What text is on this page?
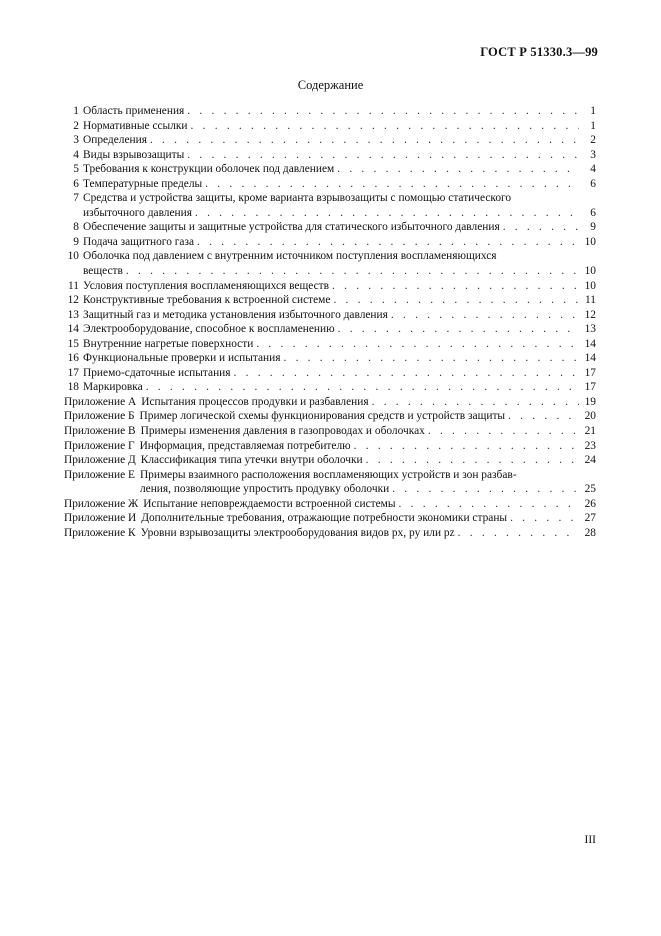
ГОСТ Р 51330.3—99
Содержание
1 Область применения . . .	1
2 Нормативные ссылки . . .	1
3 Определения . . .	2
4 Виды взрывозащиты . . .	3
5 Требования к конструкции оболочек под давлением . . .	4
6 Температурные пределы . . .	6
7 Средства и устройства защиты, кроме варианта взрывозащиты с помощью статического
избыточного давления . . .	6
8 Обеспечение защиты и защитные устройства для статического избыточного давления . . .	9
9 Подача защитного газа . . .	10
10 Оболочка под давлением с внутренним источником поступления воспламеняющихся
веществ . . .	10
11 Условия поступления воспламеняющихся веществ . . .	10
12 Конструктивные требования к встроенной системе . . .	11
13 Защитный газ и методика установления избыточного давления . . .	12
14 Электрооборудование, способное к воспламенению . . .	13
15 Внутренние нагретые поверхности . . .	14
16 Функциональные проверки и испытания . . .	14
17 Приемо-сдаточные испытания . . .	17
18 Маркировка . . .	17
Приложение А Испытания процессов продувки и разбавления . . .	19
Приложение Б Пример логической схемы функционирования средств и устройств защиты . . .	20
Приложение В Примеры изменения давления в газопроводах и оболочках . . .	21
Приложение Г Информация, представляемая потребителю . . .	23
Приложение Д Классификация типа утечки внутри оболочки . . .	24
Приложение Е Примеры взаимного расположения воспламеняющих устройств и зон разбав-
ления, позволяющие упростить продувку оболочки . . .	25
Приложение Ж Испытание неповреждаемости встроенной системы . . .	26
Приложение И Дополнительные требования, отражающие потребности экономики страны . . .	27
Приложение К Уровни взрывозащиты электрооборудования видов px, py или pz . . .	28
III
